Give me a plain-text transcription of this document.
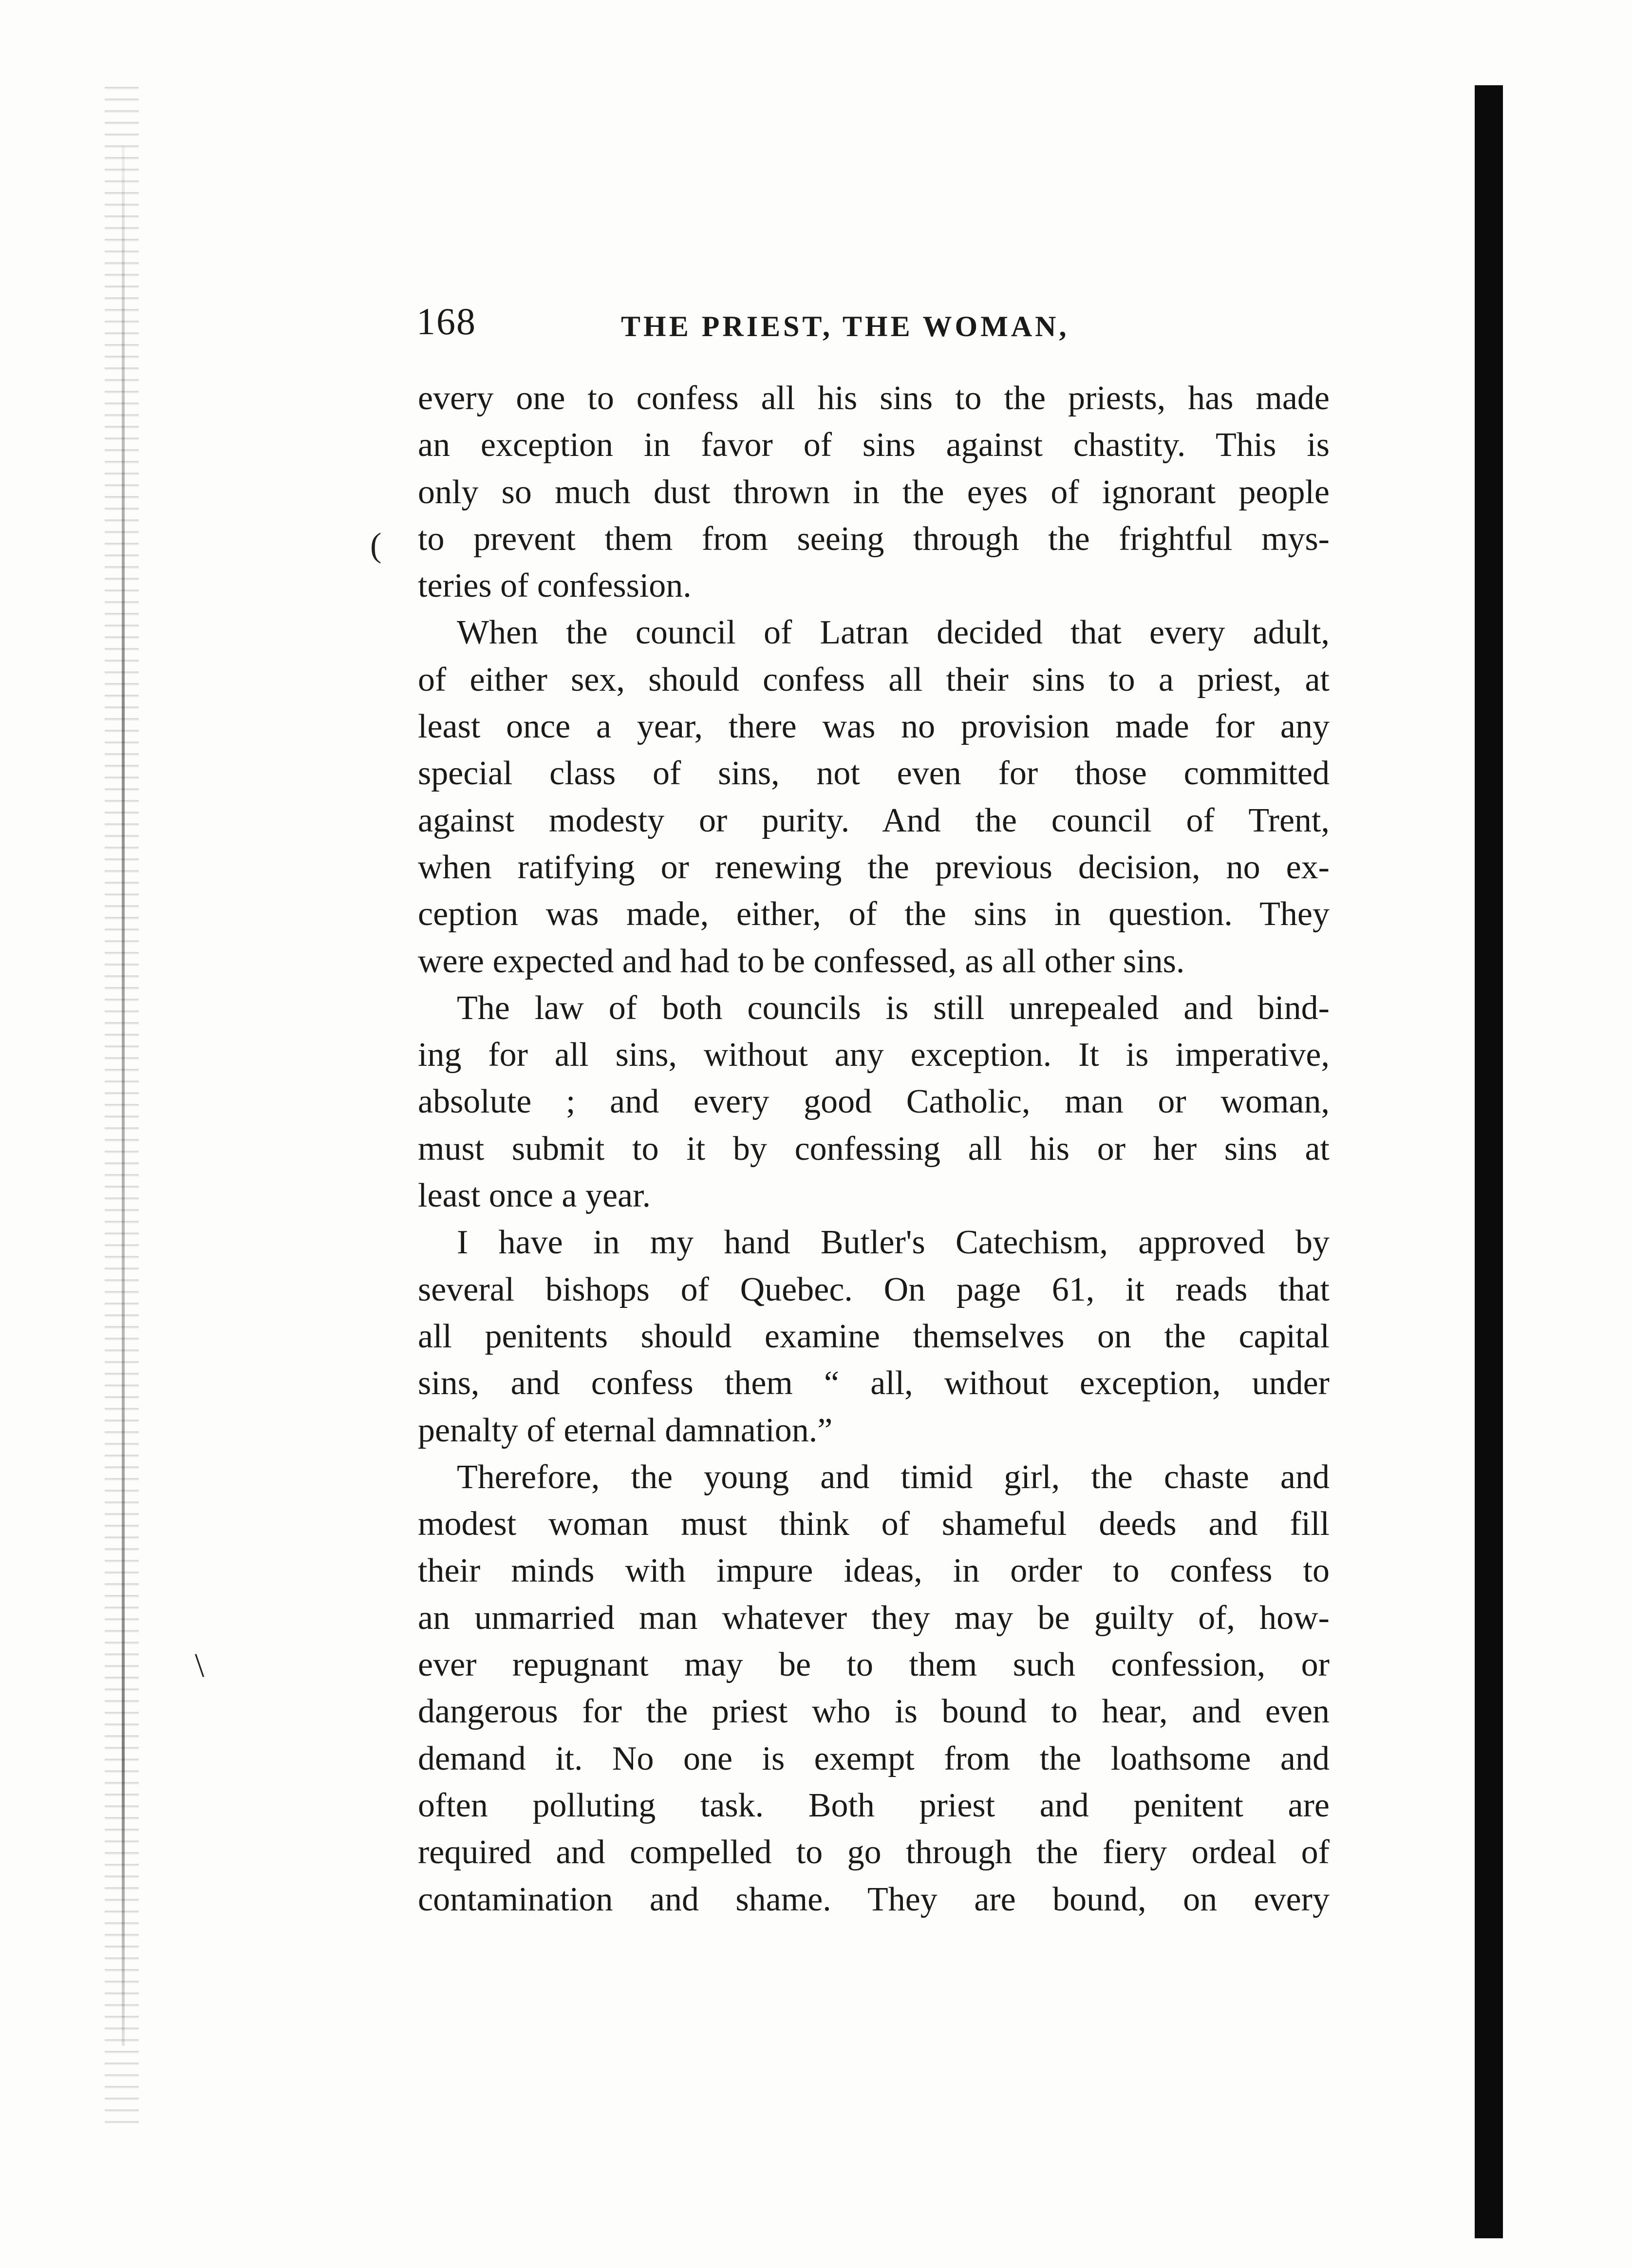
168	THE PRIEST, THE WOMAN,
(
\
every one to confess all his sins to the priests, has made
an exception in favor of sins against chastity. This is
only so much dust thrown in the eyes of ignorant people
to prevent them from seeing through the frightful mys-
teries of confession.
When the council of Latran decided that every adult,
of either sex, should confess all their sins to a priest, at
least once a year, there was no provision made for any
special class of sins, not even for those committed
against modesty or purity. And the council of Trent,
when ratifying or renewing the previous decision, no ex-
ception was made, either, of the sins in question. They
were expected and had to be confessed, as all other sins.
The law of both councils is still unrepealed and bind-
ing for all sins, without any exception. It is imperative,
absolute ; and every good Catholic, man or woman,
must submit to it by confessing all his or her sins at
least once a year.
I have in my hand Butler's Catechism, approved by
several bishops of Quebec. On page 61, it reads that
all penitents should examine themselves on the capital
sins, and confess them “ all, without exception, under
penalty of eternal damnation.”
Therefore, the young and timid girl, the chaste and
modest woman must think of shameful deeds and fill
their minds with impure ideas, in order to confess to
an unmarried man whatever they may be guilty of, how-
ever repugnant may be to them such confession, or
dangerous for the priest who is bound to hear, and even
demand it. No one is exempt from the loathsome and
often polluting task. Both priest and penitent are
required and compelled to go through the fiery ordeal of
contamination and shame. They are bound, on every
